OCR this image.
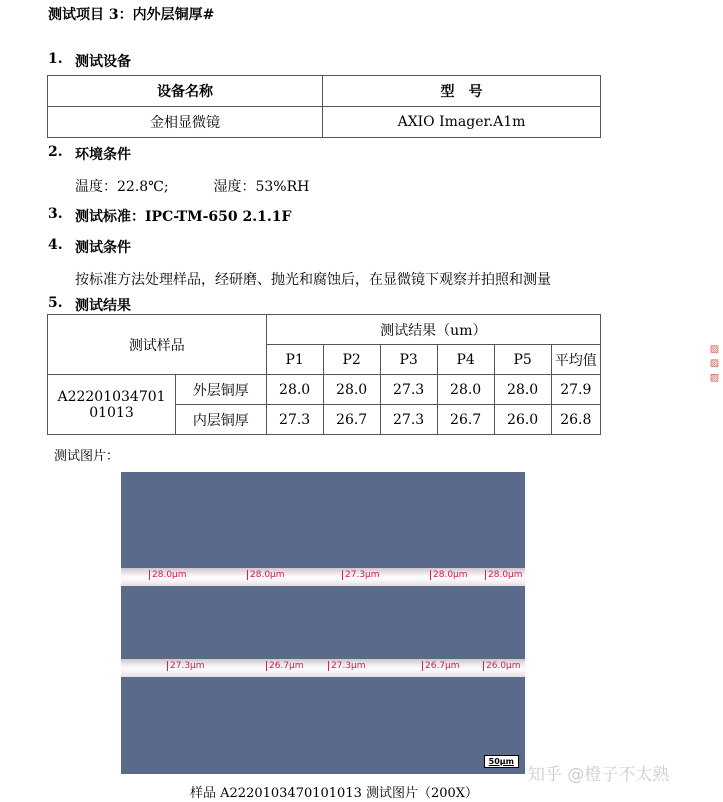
测试项目 3：内外层铜厚#
1. 测试设备
设备名称	型　号
金相显微镜	AXIO Imager.A1m
2. 环境条件
温度：22.8℃;	湿度：53%RH
3. 测试标准：IPC-TM-650 2.1.1F
4. 测试条件
按标准方法处理样品，经研磨、抛光和腐蚀后，在显微镜下观察并拍照和测量
5. 测试结果
测试样品		测试结果（um）					
		P1	P2	P3	P4	P5	平均值
A2220103470101013	外层铜厚	28.0	28.0	27.3	28.0	28.0	27.9
	内层铜厚	27.3	26.7	27.3	26.7	26.0	26.8
测试图片：
28.0μm	28.0μm	27.3μm	28.0μm	28.0μm
27.3μm	26.7μm	27.3μm	26.7μm	26.0μm
50μm
样品 A2220103470101013 测试图片（200X）
知乎 @橙子不太熟
▨ ▨ ▨
